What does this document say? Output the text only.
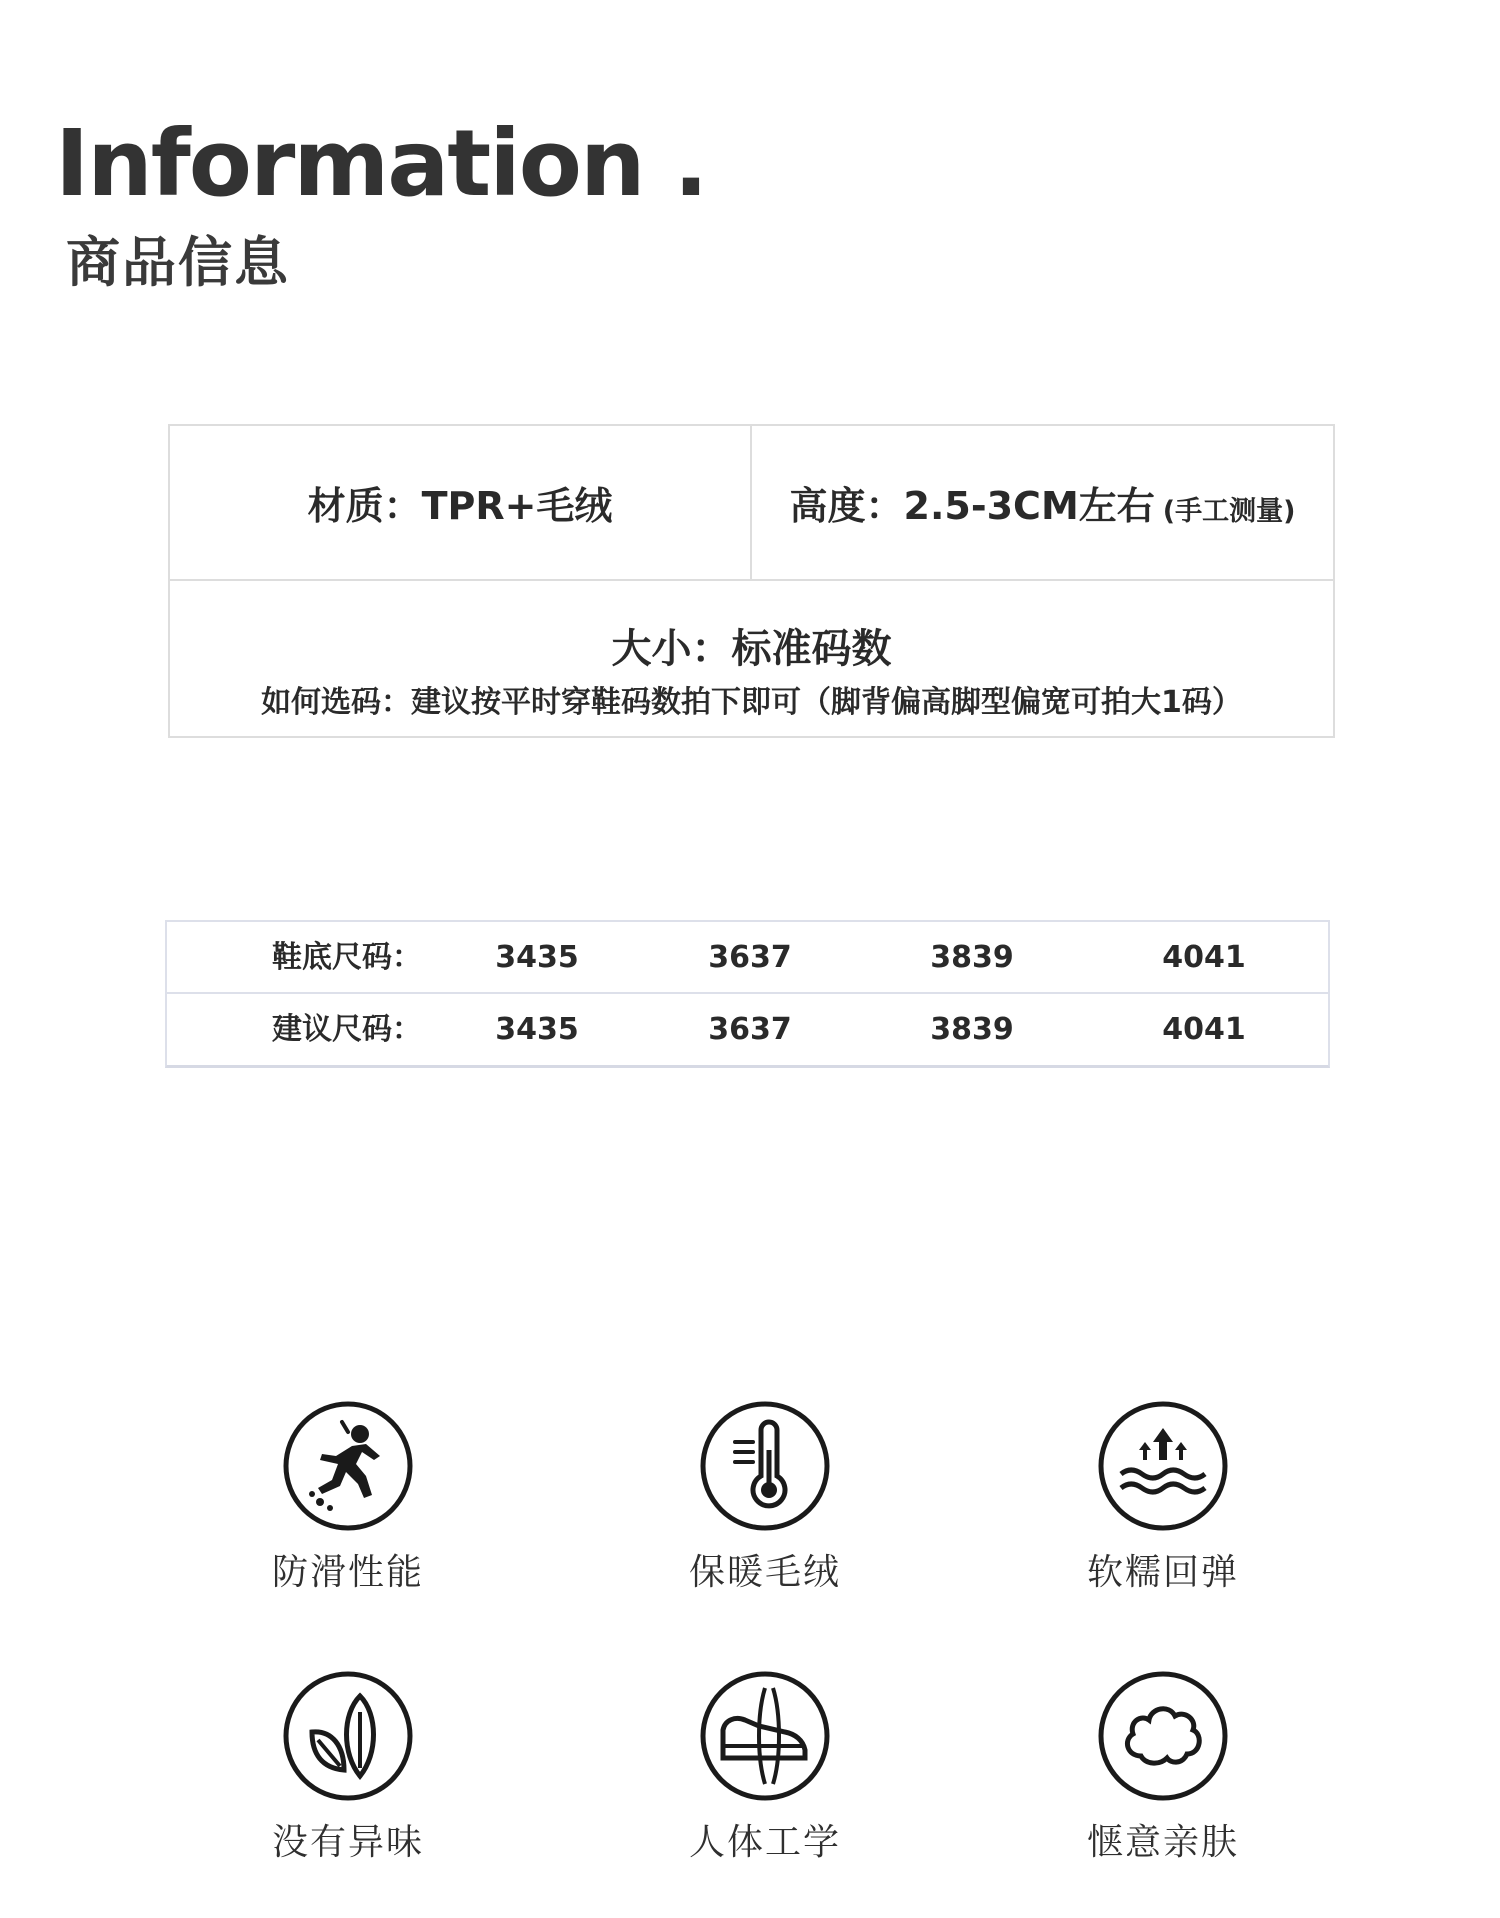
Information .
商品信息
材质：TPR+毛绒	高度：2.5-3CM左右 (手工测量)
大小：标准码数
如何选码：建议按平时穿鞋码数拍下即可（脚背偏高脚型偏宽可拍大1码）
鞋底尺码：	3435	3637	3839	4041
建议尺码：	3435	3637	3839	4041
防滑性能	保暖毛绒	软糯回弹
没有异味	人体工学	惬意亲肤
